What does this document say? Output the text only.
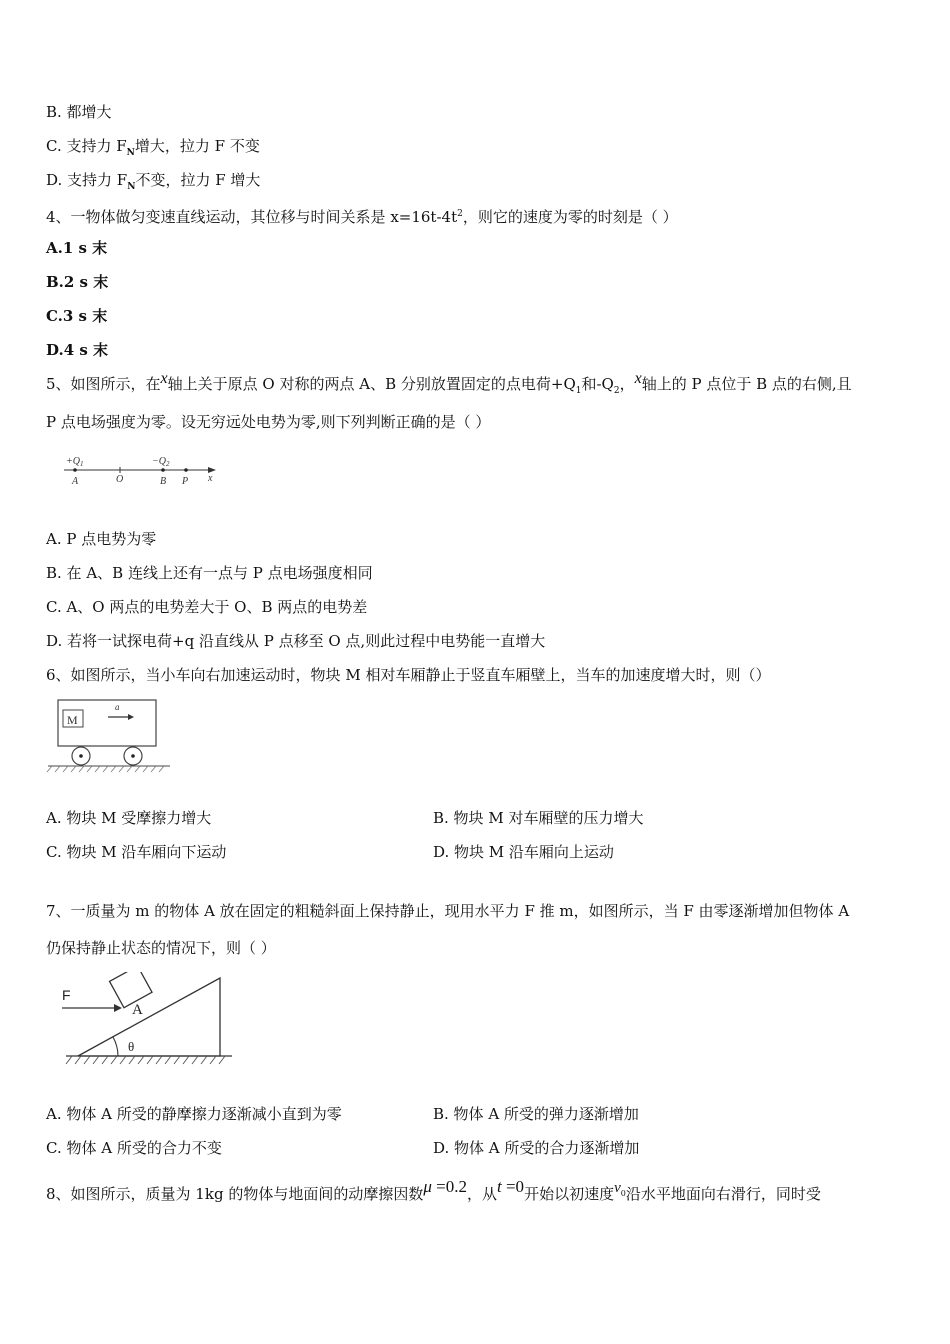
B. 都增大
C. 支持力 $F_N$增大，拉力 F 不变
D. 支持力 $F_N$不变，拉力 F 增大
4、一物体做匀变速直线运动，其位移与时间关系是 $x=16t-4t^2$，则它的速度为零的时刻是（ ）
A.1 s 末
B.2 s 末
C.3 s 末
D.4 s 末
5、如图所示，在x轴上关于原点 O 对称的两点 A、B 分别放置固定的点电荷$+Q_1$和$-Q_2$，x轴上的 P 点位于 B 点的右侧,且
P 点电场强度为零。设无穷远处电势为零,则下列判断正确的是（ ）
$+Q_1$	$-Q_2$
A	O	B P x
A. P 点电势为零
B. 在 A、B 连线上还有一点与 P 点电场强度相同
C. A、O 两点的电势差大于 O、B 两点的电势差
D. 若将一试探电荷+q 沿直线从 P 点移至 O 点,则此过程中电势能一直增大
6、如图所示，当小车向右加速运动时，物块 M 相对车厢静止于竖直车厢壁上，当车的加速度增大时，则（）
M
a
A. 物块 M 受摩擦力增大	B. 物块 M 对车厢壁的压力增大
C. 物块 M 沿车厢向下运动	D. 物块 M 沿车厢向上运动
7、一质量为 m 的物体 A 放在固定的粗糙斜面上保持静止，现用水平力 F 推 m，如图所示，当 F 由零逐渐增加但物体 A
仍保持静止状态的情况下，则（ ）
A
F
θ
A. 物体 A 所受的静摩擦力逐渐减小直到为零	B. 物体 A 所受的弹力逐渐增加
C. 物体 A 所受的合力不变	D. 物体 A 所受的合力逐渐增加
8、如图所示，质量为 1kg 的物体与地面间的动摩擦因数μ =0.2，从t =0开始以初速度$v_0$沿水平地面向右滑行，同时受
